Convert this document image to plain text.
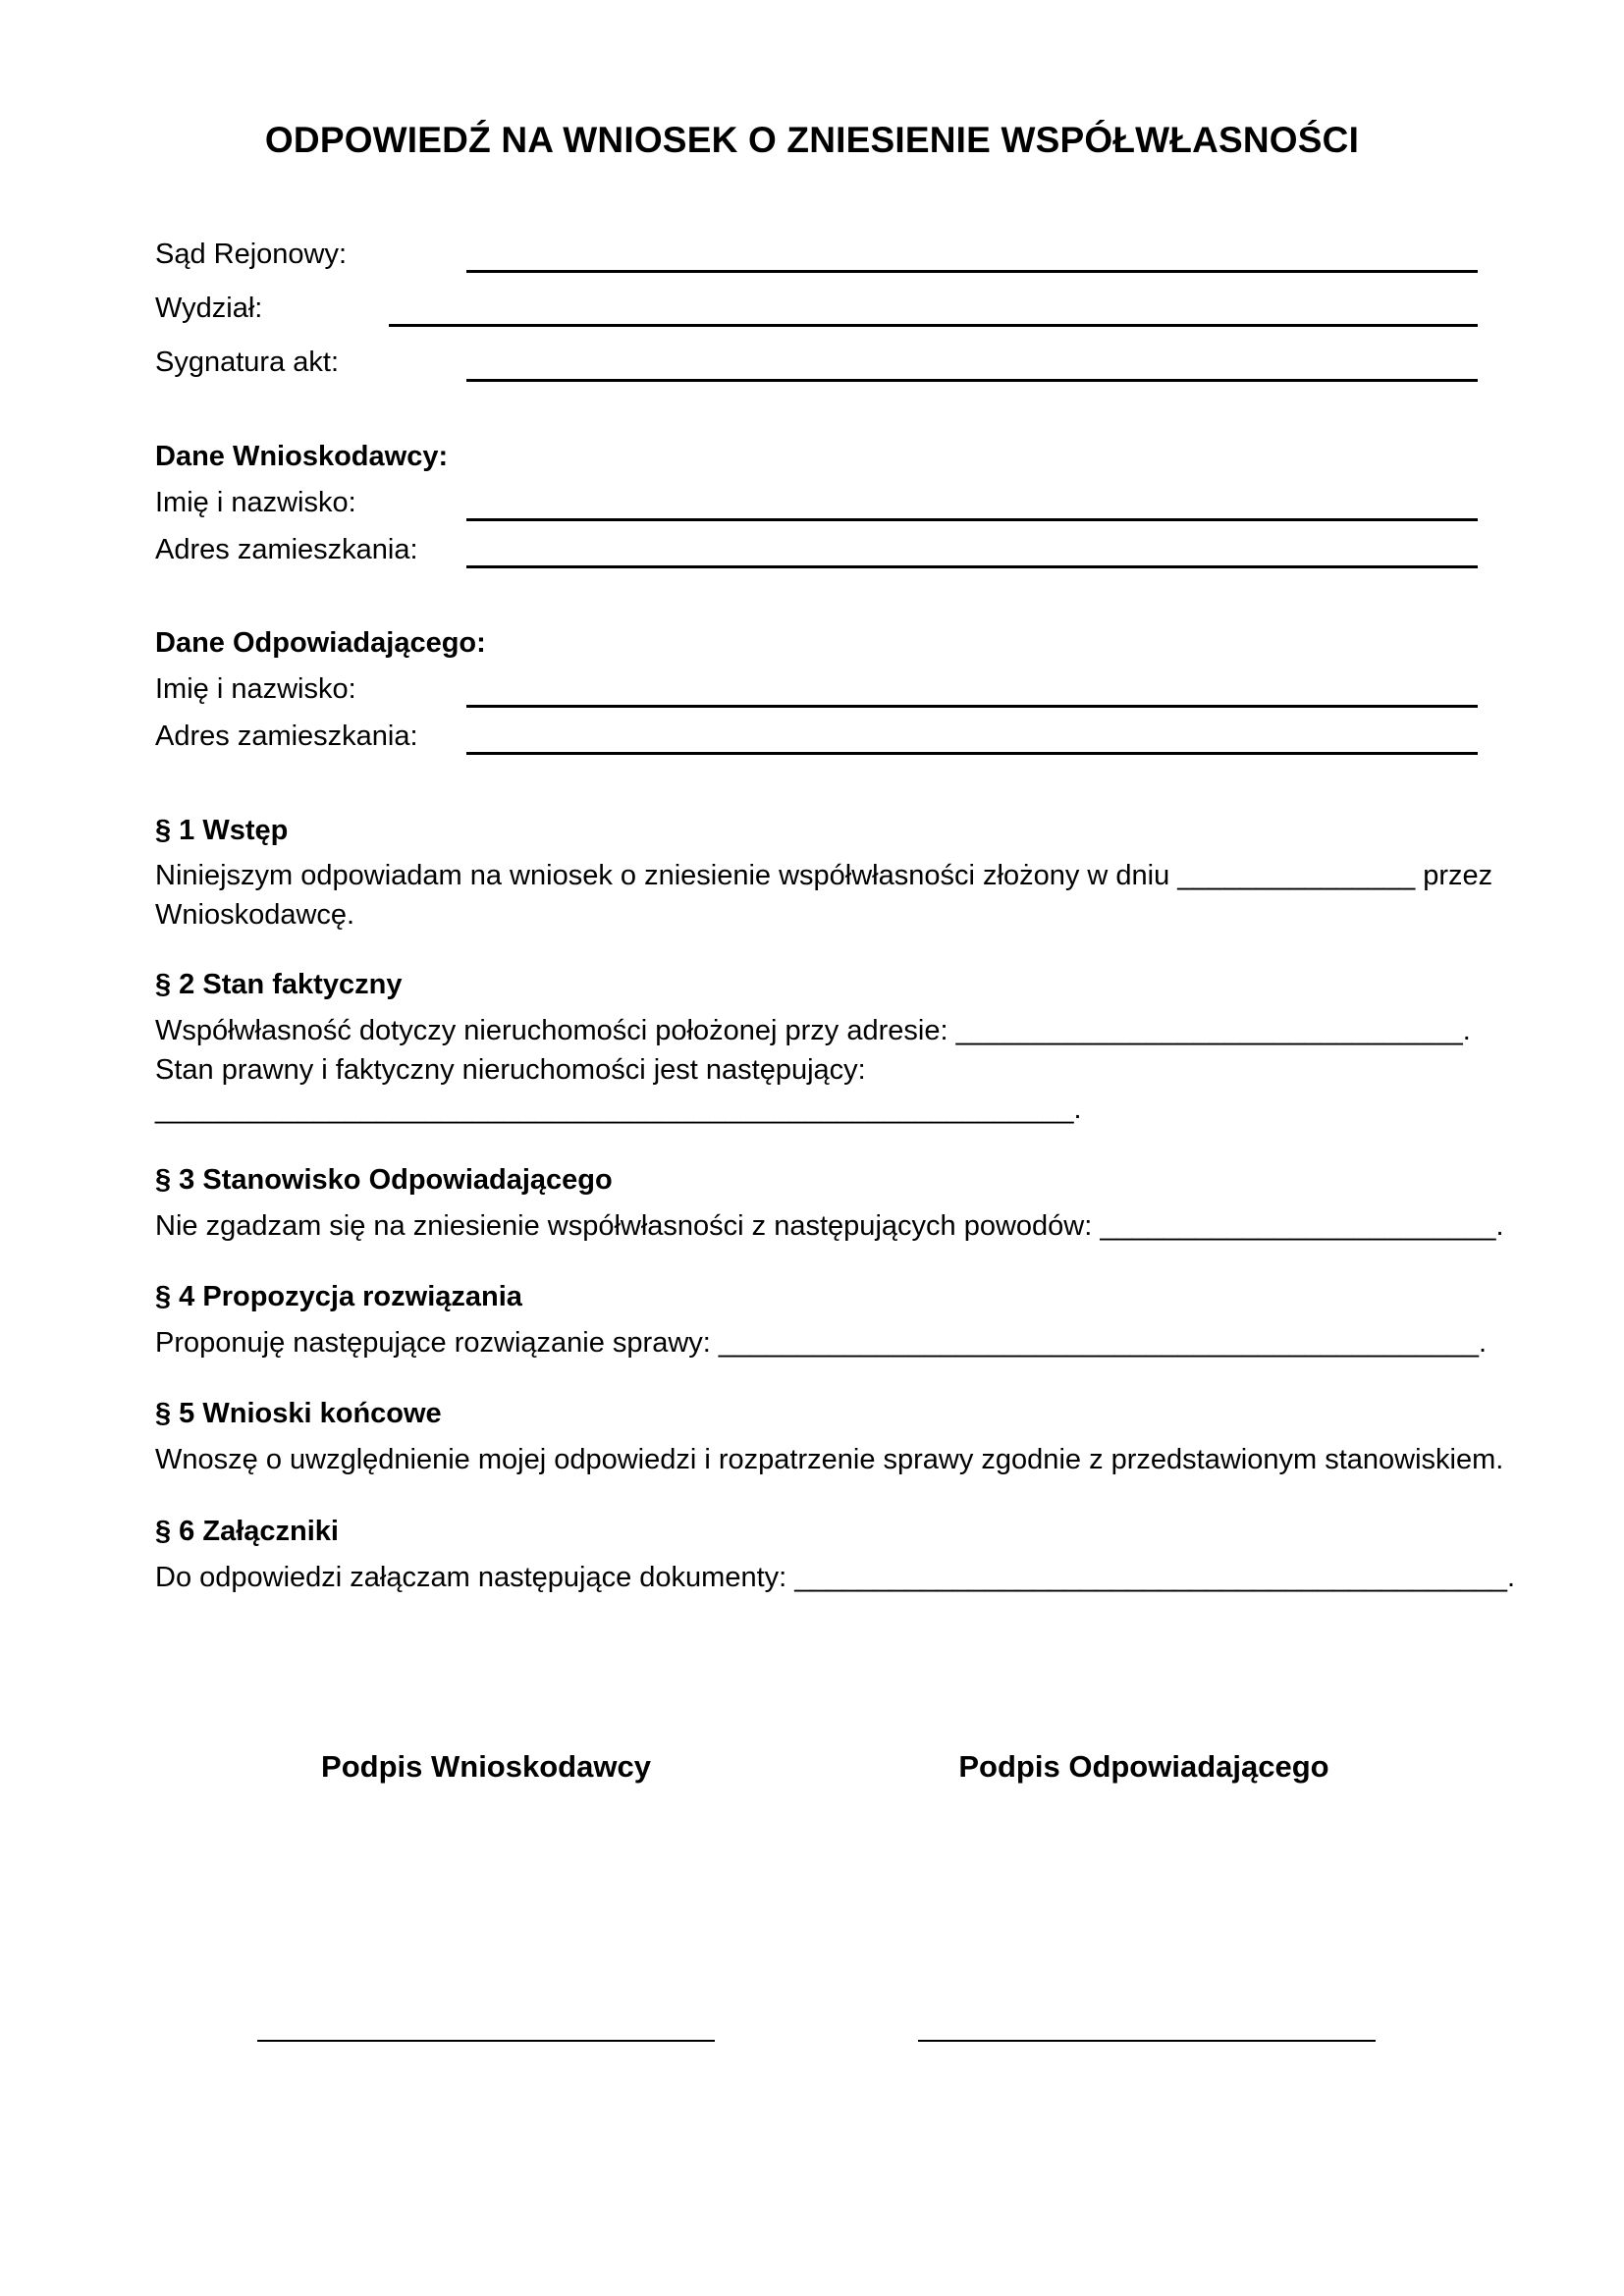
ODPOWIEDŹ NA WNIOSEK O ZNIESIENIE WSPÓŁWŁASNOŚCI
Sąd Rejonowy:
Wydział:
Sygnatura akt:
Dane Wnioskodawcy:
Imię i nazwisko:
Adres zamieszkania:
Dane Odpowiadającego:
Imię i nazwisko:
Adres zamieszkania:
§ 1 Wstęp
Niniejszym odpowiadam na wniosek o zniesienie współwłasności złożony w dniu _______________ przez
Wnioskodawcę.
§ 2 Stan faktyczny
Współwłasność dotyczy nieruchomości położonej przy adresie: ________________________________.
Stan prawny i faktyczny nieruchomości jest następujący:
__________________________________________________________.
§ 3 Stanowisko Odpowiadającego
Nie zgadzam się na zniesienie współwłasności z następujących powodów: _________________________.
§ 4 Propozycja rozwiązania
Proponuję następujące rozwiązanie sprawy: ________________________________________________.
§ 5 Wnioski końcowe
Wnoszę o uwzględnienie mojej odpowiedzi i rozpatrzenie sprawy zgodnie z przedstawionym stanowiskiem.
§ 6 Załączniki
Do odpowiedzi załączam następujące dokumenty: _____________________________________________.
Podpis Wnioskodawcy	Podpis Odpowiadającego
